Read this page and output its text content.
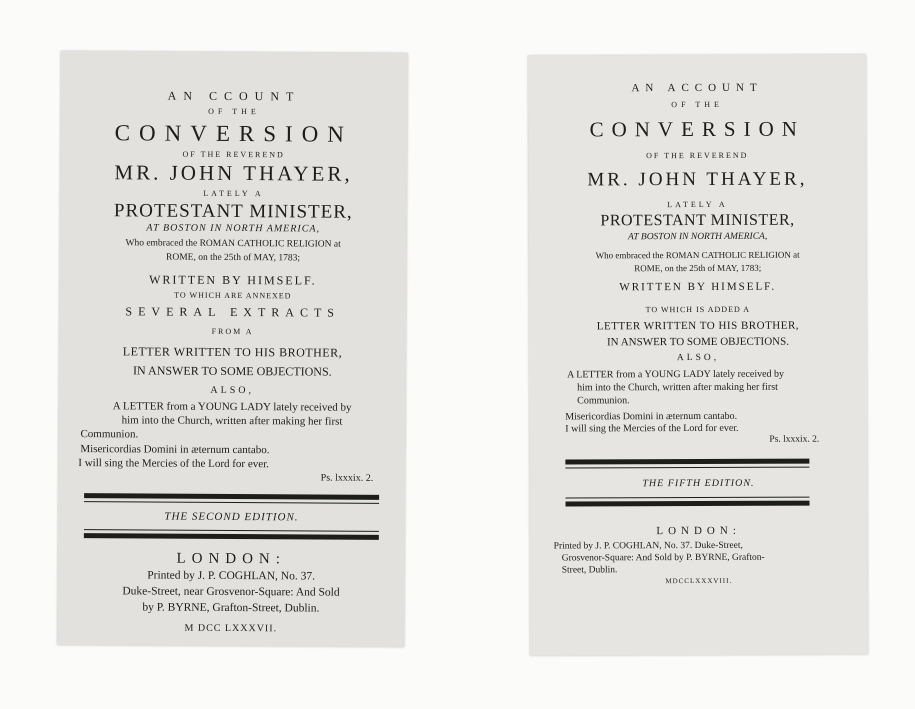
AN CCOUNT
OF THE
CONVERSION
OF THE REVEREND
MR. JOHN THAYER,
LATELY A
PROTESTANT MINISTER,
AT BOSTON IN NORTH AMERICA,
Who embraced the ROMAN CATHOLIC RELIGION at
ROME, on the 25th of MAY, 1783;
WRITTEN BY HIMSELF.
TO WHICH ARE ANNEXED
SEVERAL EXTRACTS
FROM A
LETTER WRITTEN TO HIS BROTHER,
IN ANSWER TO SOME OBJECTIONS.
ALSO,
A LETTER from a YOUNG LADY lately received by
him into the Church, written after making her first
Communion.
Misericordias Domini in æternum cantabo.
I will sing the Mercies of the Lord for ever.
Ps. lxxxix. 2.
THE SECOND EDITION.
LONDON:
Printed by J. P. COGHLAN, No. 37.
Duke-Street, near Grosvenor-Square: And Sold
by P. BYRNE, Grafton-Street, Dublin.
M DCC LXXXVII.
AN ACCOUNT
OF THE
CONVERSION
OF THE REVEREND
MR. JOHN THAYER,
LATELY A
PROTESTANT MINISTER,
AT BOSTON IN NORTH AMERICA,
Who embraced the ROMAN CATHOLIC RELIGION at
ROME, on the 25th of MAY, 1783;
WRITTEN BY HIMSELF.
TO WHICH IS ADDED A
LETTER WRITTEN TO HIS BROTHER,
IN ANSWER TO SOME OBJECTIONS.
ALSO,
A LETTER from a YOUNG LADY lately received by
him into the Church, written after making her first
Communion.
Misericordias Domini in æternum cantabo.
I will sing the Mercies of the Lord for ever.
Ps. lxxxix. 2.
THE FIFTH EDITION.
LONDON:
Printed by J. P. COGHLAN, No. 37. Duke-Street,
Grosvenor-Square: And Sold by P. BYRNE, Grafton-
Street, Dublin.
MDCCLXXXVIII.
